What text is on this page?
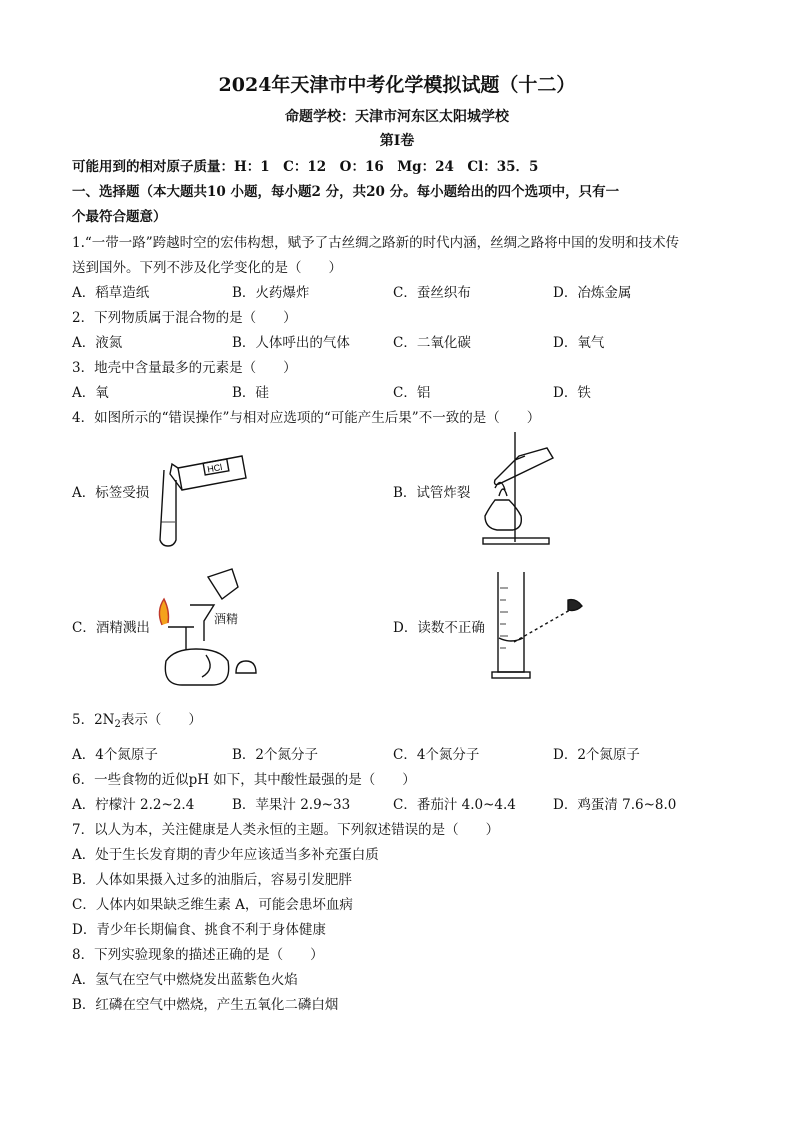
2024年天津市中考化学模拟试题（十二）
命题学校：天津市河东区太阳城学校
第I卷
可能用到的相对原子质量：H：1　C：12　O：16　Mg：24　Cl：35．5
一、选择题（本大题共10 小题，每小题2 分，共20 分。每小题给出的四个选项中，只有一
个最符合题意）
1.“一带一路”跨越时空的宏伟构想，赋予了古丝绸之路新的时代内涵，丝绸之路将中国的发明和技术传
送到国外。下列不涉及化学变化的是（　　）
A．稻草造纸	B．火药爆炸	C．蚕丝织布	D．冶炼金属
2．下列物质属于混合物的是（　　）
A．液氮	B．人体呼出的气体	C．二氧化碳	D．氧气
3．地壳中含量最多的元素是（　　）
A．氧	B．硅	C．铝	D．铁
4．如图所示的“错误操作”与相对应选项的“可能产生后果”不一致的是（　　）
HCl
A．标签受损	B．试管炸裂
酒精
C．酒精溅出	D．读数不正确
5．$2N_2$表示（　　）
A．4个氮原子	B．2个氮分子	C．4个氮分子	D．2个氮原子
6．一些食物的近似pH 如下，其中酸性最强的是（　　）
A．柠檬汁 2.2~2.4	B．苹果汁 2.9~33	C．番茄汁 4.0~4.4	D．鸡蛋清 7.6~8.0
7．以人为本，关注健康是人类永恒的主题。下列叙述错误的是（　　）
A．处于生长发育期的青少年应该适当多补充蛋白质
B．人体如果摄入过多的油脂后，容易引发肥胖
C．人体内如果缺乏维生素 A，可能会患坏血病
D．青少年长期偏食、挑食不利于身体健康
8．下列实验现象的描述正确的是（　　）
A．氢气在空气中燃烧发出蓝紫色火焰
B．红磷在空气中燃烧，产生五氧化二磷白烟
